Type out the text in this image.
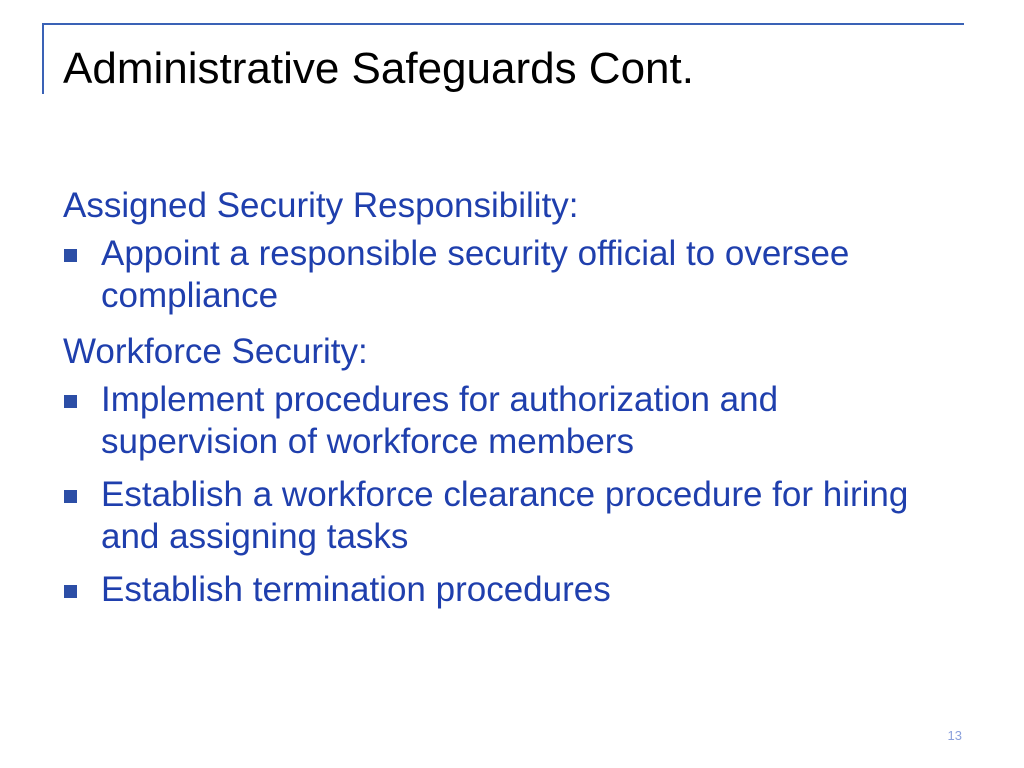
Administrative Safeguards Cont.
Assigned Security Responsibility:
Appoint a responsible security official to oversee compliance
Workforce Security:
Implement procedures for authorization and supervision of workforce members
Establish a workforce clearance procedure for hiring and assigning tasks
Establish termination procedures
13
